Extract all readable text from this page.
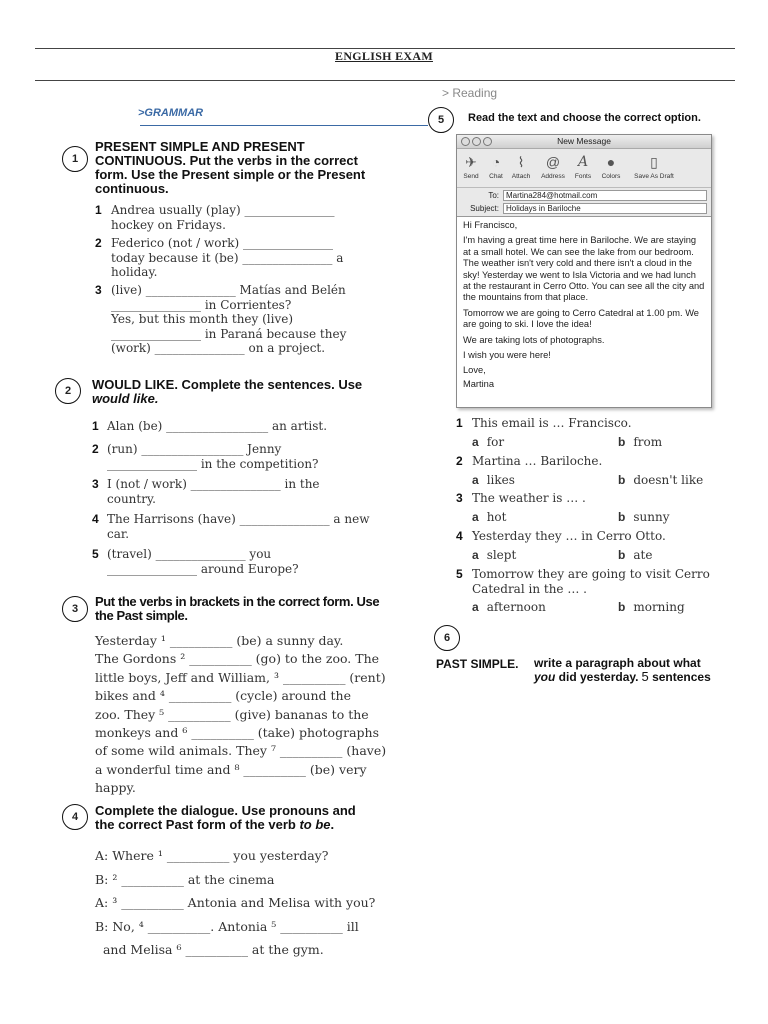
ENGLISH EXAM
>GRAMMAR
> Reading
1
PRESENT SIMPLE AND PRESENT
CONTINUOUS. Put the verbs in the correct
form. Use the Present simple or the Present
continuous.
1 Andrea usually (play) _______________
hockey on Fridays.
2 Federico (not / work) _______________
today because it (be) _______________ a
holiday.
3 (live) _______________ Matías and Belén
_______________ in Corrientes?
Yes, but this month they (live)
_______________ in Paraná because they
(work) _______________ on a project.
2	WOULD LIKE. Complete the sentences. Use
would like.
1 Alan (be) _________________ an artist.
2 (run) _________________ Jenny
_______________ in the competition?
3 I (not / work) _______________ in the
country.
4 The Harrisons (have) _______________ a new
car.
5 (travel) _______________ you
_______________ around Europe?
3	Put the verbs in brackets in the correct form. Use
the Past simple.
Yesterday ¹ __________ (be) a sunny day.
The Gordons ² __________ (go) to the zoo. The
little boys, Jeff and William, ³ __________ (rent)
bikes and ⁴ __________ (cycle) around the
zoo. They ⁵ __________ (give) bananas to the
monkeys and ⁶ __________ (take) photographs
of some wild animals. They ⁷ __________ (have)
a wonderful time and ⁸ __________ (be) very
happy.
4	Complete the dialogue. Use pronouns and
the correct Past form of the verb to be.
A: Where ¹ __________ you yesterday?
B: ² __________ at the cinema
A: ³ __________ Antonia and Melisa with you?
B: No, ⁴ __________. Antonia ⁵ __________ ill
and Melisa ⁶ __________ at the gym.
5	Read the text and choose the correct option.
New Message
✈
Send
◔
Chat
⌇
Attach
@
Address
A
Fonts
●
Colors
▯
Save As Draft
To: Martina284@hotmail.com
Subject: Holidays in Bariloche

Hi Francisco,

I'm having a great time here in Bariloche. We are staying at a small hotel. We can see the lake from our bedroom. The weather isn't very cold and there isn't a cloud in the sky! Yesterday we went to Isla Victoria and we had lunch at the restaurant in Cerro Otto. You can see all the city and the mountains from that place.

Tomorrow we are going to Cerro Catedral at 1.00 pm. We are going to ski. I love the idea!

We are taking lots of photographs.

I wish you were here!

Love,

Martina

1 This email is … Francisco.
a for	b from
2 Martina … Bariloche.
a likes	b doesn't like
3 The weather is … .
a hot	b sunny
4 Yesterday they … in Cerro Otto.
a slept	b ate
5 Tomorrow they are going to visit Cerro
Catedral in the … .
a afternoon	b morning
6
PAST SIMPLE. write a paragraph about what
you did yesterday. 5 sentences
